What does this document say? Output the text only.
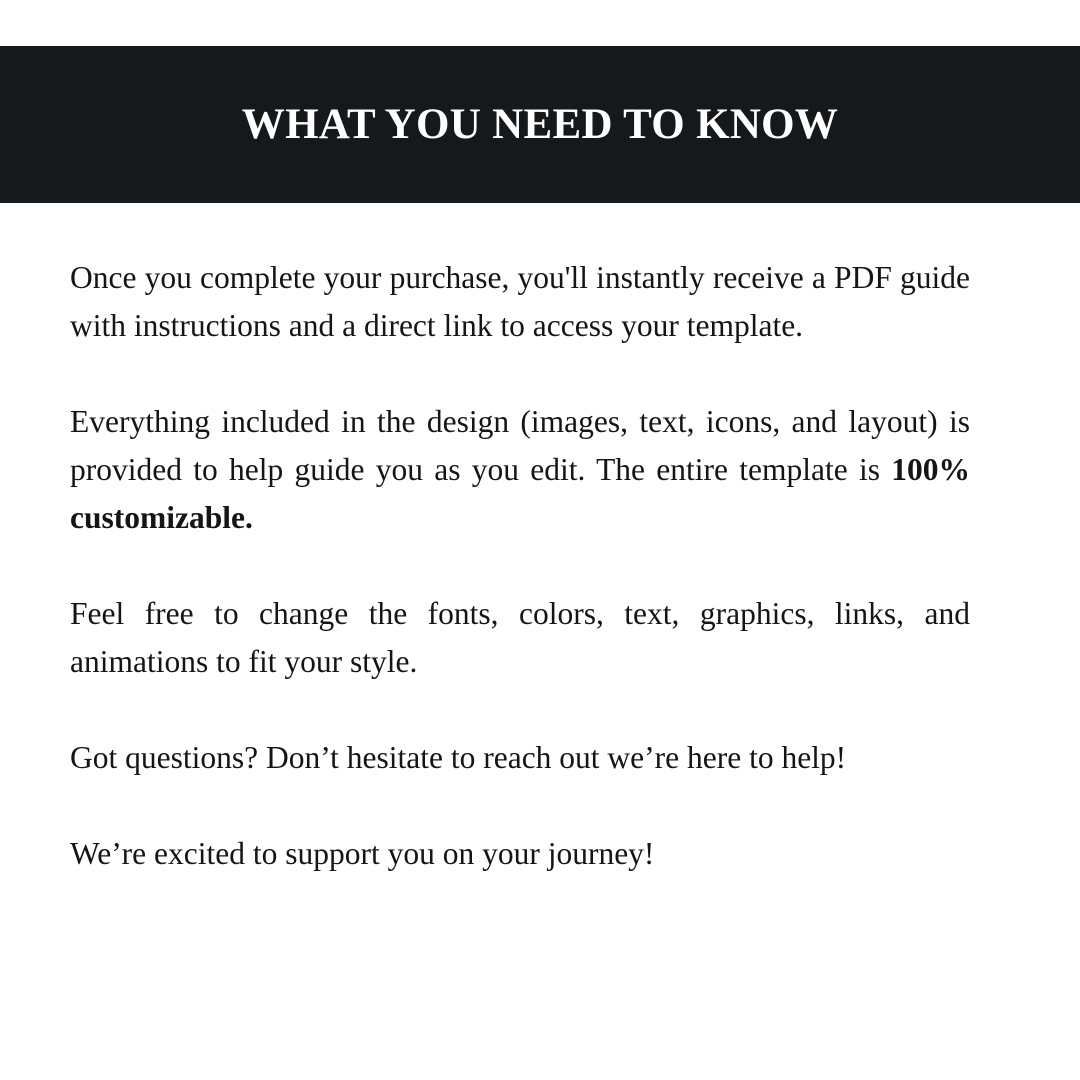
WHAT YOU NEED TO KNOW

Once you complete your purchase, you'll instantly receive a PDF guide with instructions and a direct link to access your template.

Everything included in the design (images, text, icons, and layout) is provided to help guide you as you edit. The entire template is 100% customizable.

Feel free to change the fonts, colors, text, graphics, links, and animations to fit your style.

Got questions? Don’t hesitate to reach out we’re here to help!

We’re excited to support you on your journey!
